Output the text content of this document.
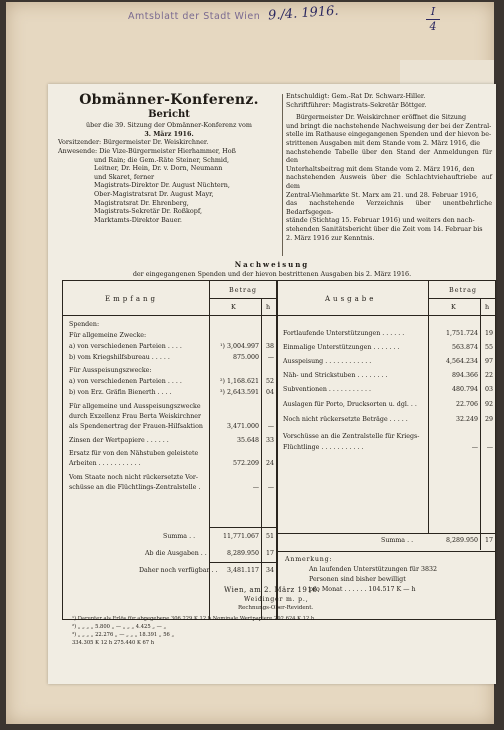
Amtsblatt der Stadt Wien 9./4. 1916.	I
4
Obmänner-Konferenz.
Bericht
über die 39. Sitzung der Obmänner-Konferenz vom
3. März 1916.
Vorsitzender: Bürgermeister Dr. Weiskirchner.
Anwesende: Die Vize-Bürgermeister Hierhammer, Hoß
und Rain; die Gem.-Räte Steiner, Schmid,
Leitner, Dr. Hein, Dr. v. Dorn, Neumann
und Skaret, ferner
Magistrats-Direktor Dr. August Nüchtern,
Ober-Magistratsrat Dr. August Mayr,
Magistratsrat Dr. Ehrenberg,
Magistrats-Sekretär Dr. Roßkopf,
Marktamts-Direktor Bauer.
Entschuldigt: Gem.-Rat Dr. Schwarz-Hiller.
Schriftführer: Magistrats-Sekretär Böttger.
Bürgermeister Dr. Weiskirchner eröffnet die Sitzung
und bringt die nachstehende Nachweisung der bei der Zentral-
stelle im Rathause eingegangenen Spenden und der hievon be-
strittenen Ausgaben mit dem Stande vom 2. März 1916, die
nachstehende Tabelle über den Stand der Anmeldungen für den
Unterhaltsbeitrag mit dem Stande vom 2. März 1916, den
nachstehenden Ausweis über die Schlachtviehauftriebe auf dem
Zentral-Viehmarkte St. Marx am 21. und 28. Februar 1916,
das nachstehende Verzeichnis über unentbehrliche Bedarfsgegen-
stände (Stichtag 15. Februar 1916) und weiters den nach-
stehenden Sanitätsbericht über die Zeit vom 14. Februar bis
2. März 1916 zur Kenntnis.
Nachweisung
der eingegangenen Spenden und der hievon bestrittenen Ausgaben bis 2. März 1916.
Empfang	Ausgabe
Betrag	Betrag
K	h	K	h
Spenden:
Für allgemeine Zwecke:
a) von verschiedenen Parteien . . . .	¹) 3,004.997	38
b) vom Kriegshilfsbureau . . . . .	875.000	—
Für Ausspeisungszwecke:
a) von verschiedenen Parteien . . . .	²) 1,168.621	52
b) von Erz. Gräfin Bienerth . . . .	³) 2,643.591	04
Für allgemeine und Ausspeisungszwecke
durch Exzellenz Frau Berta Weiskirchner
als Spendenertrag der Frauen-Hilfsaktion	3,471.000	—
Zinsen der Wertpapiere . . . . . .	35.648	33
Ersatz für von den Nähstuben geleistete
Arbeiten . . . . . . . . . . .	572.209	24
Vom Staate noch nicht rückersetzte Vor-
schüsse an die Flüchtlings-Zentralstelle .	—	—
Fortlaufende Unterstützungen . . . . . .	1,751.724	19
Einmalige Unterstützungen . . . . . . .	563.874	55
Ausspeisung . . . . . . . . . . . .	4,564.234	97
Näh- und Strickstuben . . . . . . . .	894.366	22
Subventionen . . . . . . . . . . .	480.794	03
Auslagen für Porto, Drucksorten u. dgl. . .	22.706	92
Noch nicht rückersetzte Beträge . . . . .	32.249	29
Vorschüsse an die Zentralstelle für Kriegs-
Flüchtlinge . . . . . . . . . . .	—	—
Summa . .	11,771.067	51
Ab die Ausgaben . .	8,289.950	17
Daher noch verfügbar . .	3,481.117	34
Summa . .	8,289.950	17
Anmerkung:
An laufenden Unterstützungen für 3832
Personen sind bisher bewilligt
pro Monat . . . . . . 104.517 K — h
Wien, am 2. März 1916.
Weidinger m. p.,
Rechnungs-Ober-Revident.
¹) Darunter als Erlös für abgegebene 306.229 K 12 h Nominale Wertpapiere 292.624 K 12 h
²) „ „ „ „ 5.800 „ — „ „ „ 4.425 „ — „
³) „ „ „ „ 22.276 „ — „ „ „ 18.391 „ 56 „
334.305 K 12 h 275.440 K 67 h
